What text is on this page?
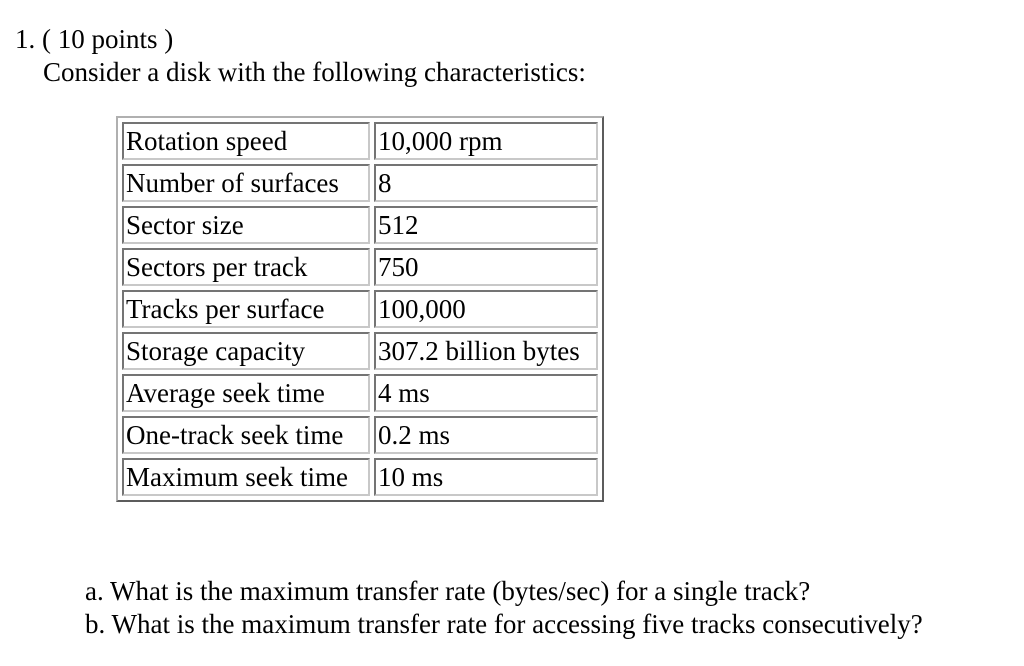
1. ( 10 points )
Consider a disk with the following characteristics:
Rotation speed	10,000 rpm
Number of surfaces	8
Sector size	512
Sectors per track	750
Tracks per surface	100,000
Storage capacity	307.2 billion bytes
Average seek time	4 ms
One-track seek time	0.2 ms
Maximum seek time	10 ms
a. What is the maximum transfer rate (bytes/sec) for a single track?
b. What is the maximum transfer rate for accessing five tracks consecutively?
